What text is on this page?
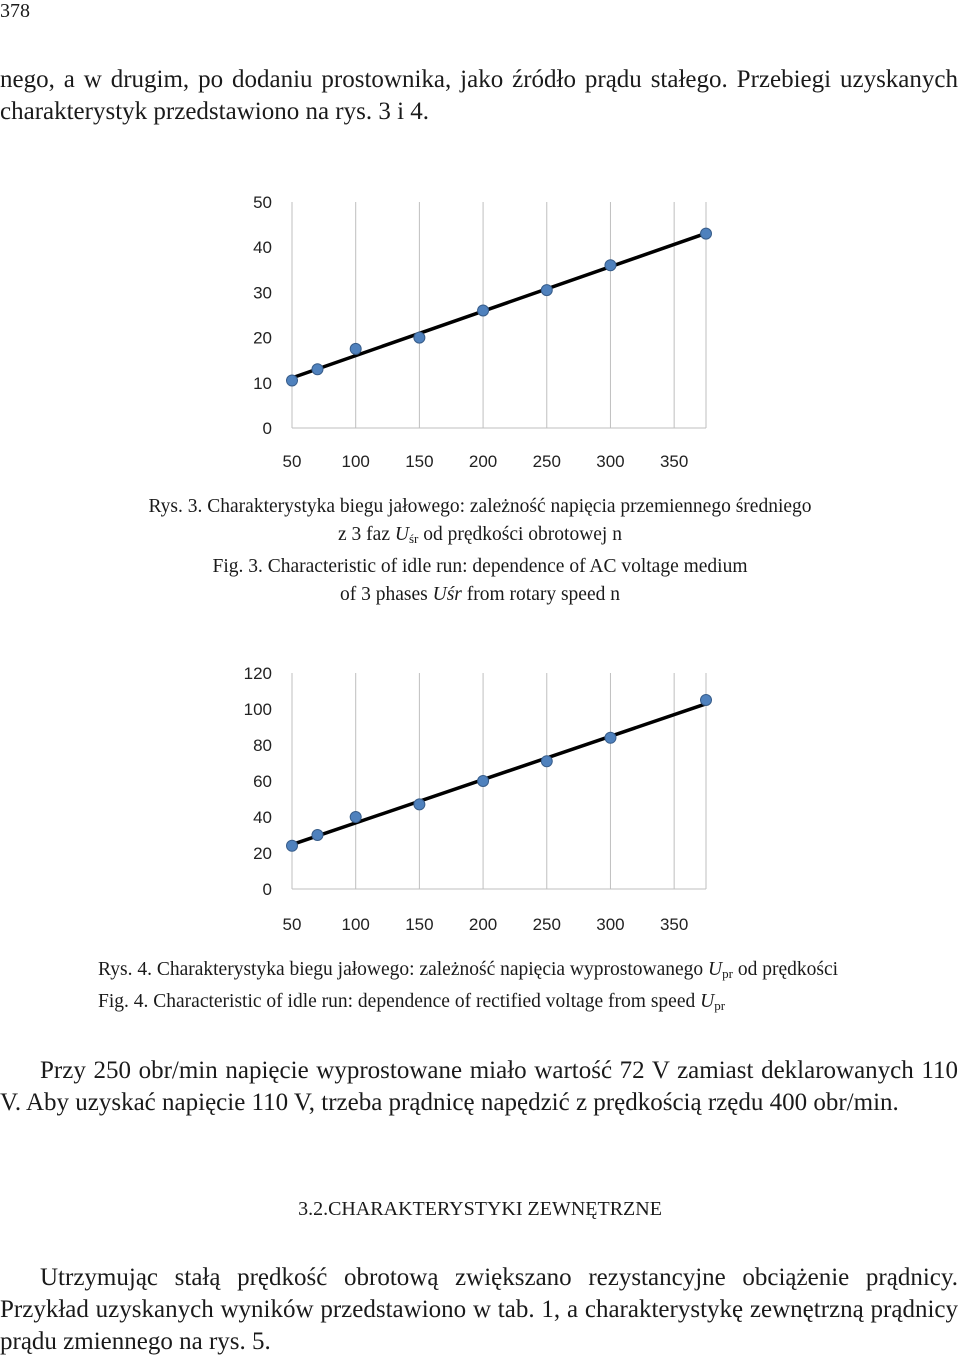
378

nego, a w drugim, po dodaniu prostownika, jako źródło prądu stałego. Przebiegi uzyskanych charakterystyk przedstawiono na rys. 3 i 4.

0
10
20
30
40
50
50 100 150 200 250 300 350
Rys. 3. Charakterystyka biegu jałowego: zależność napięcia przemiennego średniego
z 3 faz $U_{śr}$ od prędkości obrotowej n
Fig. 3. Characteristic of idle run: dependence of AC voltage medium
of 3 phases Uśr from rotary speed n
0
20
40
60
80
100
120
50 100 150 200 250 300 350
Rys. 4. Charakterystyka biegu jałowego: zależność napięcia wyprostowanego $U_{pr}$ od prędkości
Fig. 4. Characteristic of idle run: dependence of rectified voltage from speed $U_{pr}$

Przy 250 obr/min napięcie wyprostowane miało wartość 72 V zamiast deklarowanych 110 V. Aby uzyskać napięcie 110 V, trzeba prądnicę napędzić z prędkością rzędu 400 obr/min.

3.2.CHARAKTERYSTYKI ZEWNĘTRZNE

Utrzymując stałą prędkość obrotową zwiększano rezystancyjne obciążenie prądnicy. Przykład uzyskanych wyników przedstawiono w tab. 1, a charakterystykę zewnętrzną prądnicy prądu zmiennego na rys. 5.
